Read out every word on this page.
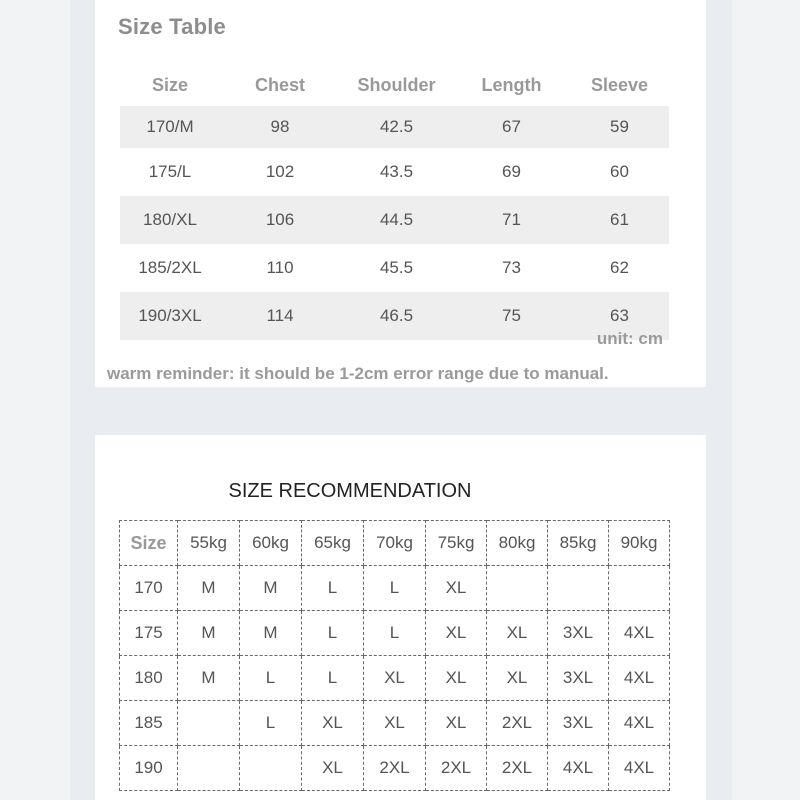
Size Table
Size	Chest	Shoulder	Length	Sleeve
170/M	98	42.5	67	59
175/L	102	43.5	69	60
180/XL	106	44.5	71	61
185/2XL	110	45.5	73	62
190/3XL	114	46.5	75	63
unit: cm
warm reminder: it should be 1-2cm error range due to manual.
SIZE RECOMMENDATION
Size	55kg	60kg	65kg	70kg	75kg	80kg	85kg	90kg
170	M	M	L	L	XL			
175	M	M	L	L	XL	XL	3XL	4XL
180	M	L	L	XL	XL	XL	3XL	4XL
185		L	XL	XL	XL	2XL	3XL	4XL
190			XL	2XL	2XL	2XL	4XL	4XL
